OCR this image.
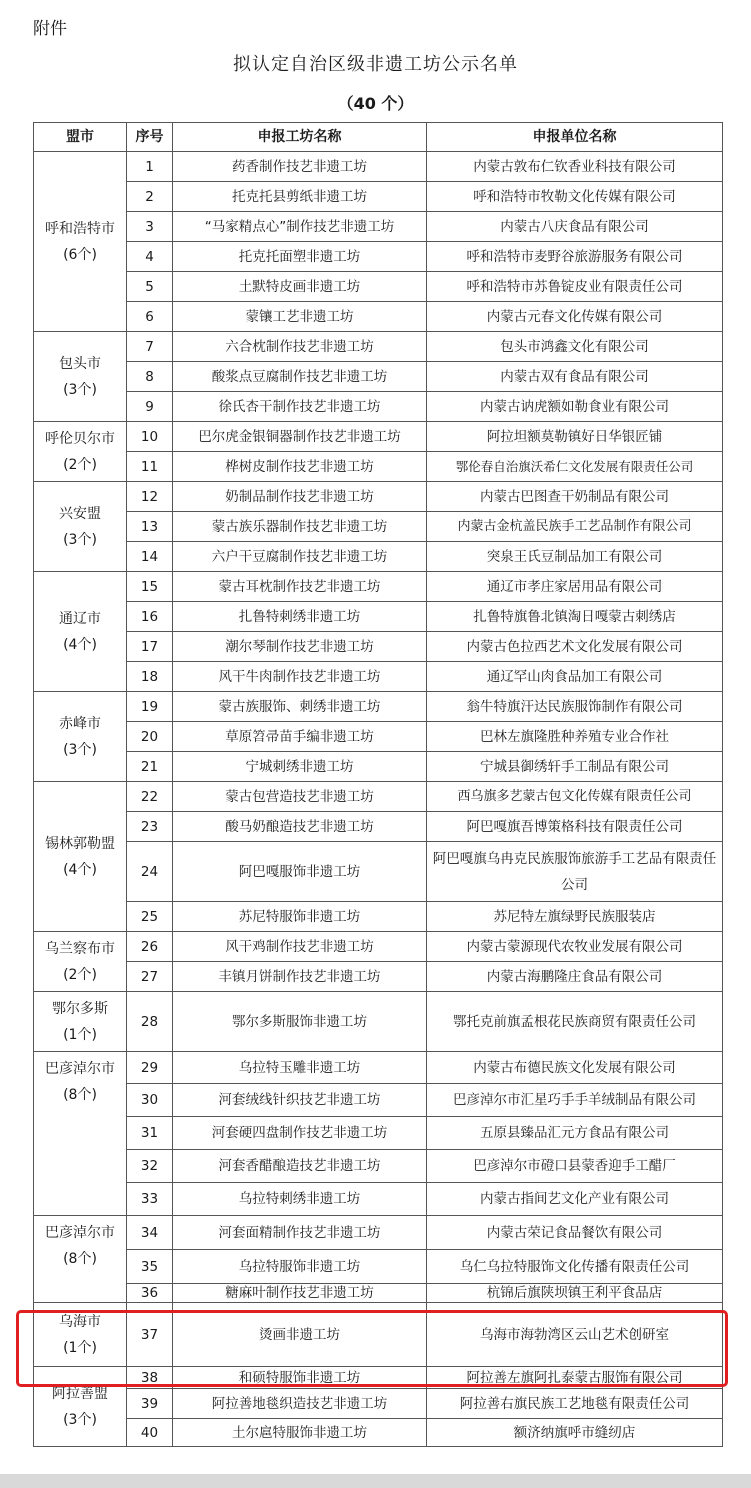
附件
拟认定自治区级非遗工坊公示名单
（40 个）
盟市	序号	申报工坊名称	申报单位名称

呼和浩特市
(6个)	1	药香制作技艺非遗工坊	内蒙古敦布仁钦香业科技有限公司
	2	托克托县剪纸非遗工坊	呼和浩特市牧勒文化传媒有限公司
	3	“马家精点心”制作技艺非遗工坊	内蒙古八庆食品有限公司
	4	托克托面塑非遗工坊	呼和浩特市麦野谷旅游服务有限公司
	5	土默特皮画非遗工坊	呼和浩特市苏鲁锭皮业有限责任公司
	6	蒙镶工艺非遗工坊	内蒙古元春文化传媒有限公司

包头市
(3个)	7	六合枕制作技艺非遗工坊	包头市鸿鑫文化有限公司
	8	酸浆点豆腐制作技艺非遗工坊	内蒙古双有食品有限公司
	9	徐氏杏干制作技艺非遗工坊	内蒙古讷虎额如勒食业有限公司

呼伦贝尔市
(2个)	10	巴尔虎金银铜器制作技艺非遗工坊	阿拉坦额莫勒镇好日华银匠铺
	11	桦树皮制作技艺非遗工坊	鄂伦春自治旗沃希仁文化发展有限责任公司

兴安盟
(3个)	12	奶制品制作技艺非遗工坊	内蒙古巴图查干奶制品有限公司
	13	蒙古族乐器制作技艺非遗工坊	内蒙古金杭盖民族手工艺品制作有限公司
	14	六户干豆腐制作技艺非遗工坊	突泉王氏豆制品加工有限公司

通辽市
(4个)	15	蒙古耳枕制作技艺非遗工坊	通辽市孝庄家居用品有限公司
	16	扎鲁特刺绣非遗工坊	扎鲁特旗鲁北镇淘日嘎蒙古刺绣店
	17	潮尔琴制作技艺非遗工坊	内蒙古色拉西艺术文化发展有限公司
	18	风干牛肉制作技艺非遗工坊	通辽罕山肉食品加工有限公司

赤峰市
(3个)	19	蒙古族服饰、刺绣非遗工坊	翁牛特旗汗达民族服饰制作有限公司
	20	草原笤帚苗手编非遗工坊	巴林左旗隆胜种养殖专业合作社
	21	宁城刺绣非遗工坊	宁城县御绣轩手工制品有限公司

锡林郭勒盟
(4个)	22	蒙古包营造技艺非遗工坊	西乌旗多艺蒙古包文化传媒有限责任公司
	23	酸马奶酿造技艺非遗工坊	阿巴嘎旗吾博策格科技有限责任公司
	24	阿巴嘎服饰非遗工坊	阿巴嘎旗乌冉克民族服饰旅游手工艺品有限责任公司
	25	苏尼特服饰非遗工坊	苏尼特左旗绿野民族服装店

乌兰察布市
(2个)	26	风干鸡制作技艺非遗工坊	内蒙古蒙源现代农牧业发展有限公司
	27	丰镇月饼制作技艺非遗工坊	内蒙古海鹏隆庄食品有限公司

鄂尔多斯
(1个)	28	鄂尔多斯服饰非遗工坊	鄂托克前旗孟根花民族商贸有限责任公司

巴彦淖尔市
(8个)	29	乌拉特玉雕非遗工坊	内蒙古布德民族文化发展有限公司
	30	河套绒线针织技艺非遗工坊	巴彦淖尔市汇星巧手手羊绒制品有限公司
	31	河套硬四盘制作技艺非遗工坊	五原县臻品汇元方食品有限公司
	32	河套香醋酿造技艺非遗工坊	巴彦淖尔市磴口县蒙香迎手工醋厂
	33	乌拉特刺绣非遗工坊	内蒙古指间艺文化产业有限公司

巴彦淖尔市
(8个)	34	河套面精制作技艺非遗工坊	内蒙古荣记食品餐饮有限公司
	35	乌拉特服饰非遗工坊	乌仁乌拉特服饰文化传播有限责任公司
	36	糖麻叶制作技艺非遗工坊	杭锦后旗陕坝镇王利平食品店

乌海市
(1个)	37	烫画非遗工坊	乌海市海勃湾区云山艺术创研室

阿拉善盟
(3个)	38	和硕特服饰非遗工坊	阿拉善左旗阿扎泰蒙古服饰有限公司
	39	阿拉善地毯织造技艺非遗工坊	阿拉善右旗民族工艺地毯有限责任公司
	40	土尔扈特服饰非遗工坊	额济纳旗呼市缝纫店
